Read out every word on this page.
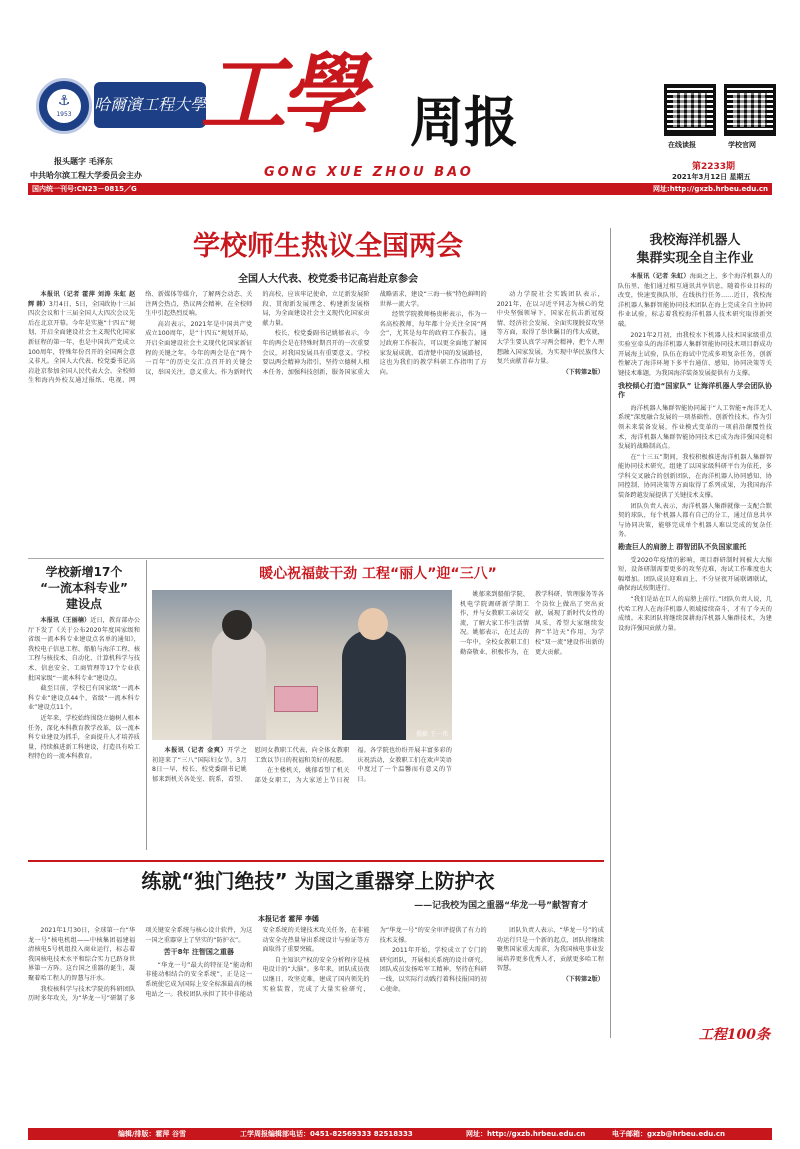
⚓
1953
哈爾濱工程大學
报头题字 毛泽东
中共哈尔滨工程大学委员会主办
工學 周报
GONG XUE ZHOU BAO
在线读报	学校官网
第2233期
2021年3月12日 星期五
国内统一刊号:CN23－0815／G	网址:http://gxzb.hrbeu.edu.cn
学校师生热议全国两会
全国人大代表、校党委书记高岩赴京参会

本报讯（记者 霍萍 刘涛 朱虹 赵辉 韩）3月4日、5日，全国政协十三届四次会议和十三届全国人大四次会议先后在北京开幕。今年是实施“十四五”规划、开启全面建设社会主义现代化国家新征程的第一年，也是中国共产党成立100周年，特殊年份召开的全国两会意义非凡。全国人大代表、校党委书记高岩赴京参加全国人民代表大会。全校师生和海内外校友通过报纸、电视、网络、新媒体等媒介，了解两会动态、关注两会热点，热议两会精神，在全校师生中引起热烈反响。

高岩表示，2021年是中国共产党成立100周年，是“十四五”规划开局，开启全面建设社会主义现代化国家新征程的关键之年。今年的两会是在“两个一百年”的历史交汇点召开的关键会议，举国关注，意义重大。作为新时代的高校，应该牢记使命，立足新发展阶段、贯彻新发展理念、构建新发展格局，为全面建设社会主义现代化国家贡献力量。

校长、校党委副书记姚郁表示，今年的两会是在特殊时期召开的一次重要会议，对我国发展具有重要意义。学校要以两会精神为指引，坚持立德树人根本任务，加强科技创新，服务国家重大战略需求，建设“三海一核”特色鲜明的世界一流大学。

经管学院教师杨贵彬表示，作为一名高校教师，每年都十分关注全国“两会”，尤其是每年的政府工作报告。通过政府工作报告，可以更全面地了解国家发展成就、看清楚中国的发展路径，这也为我们的教学科研工作指明了方向。

动力学院社会实践团队表示，2021年，在以习近平同志为核心的党中央坚强领导下，国家在抗击新冠疫情、经济社会发展、全面实现脱贫攻坚等方面，取得了举世瞩目的伟大成就，大学生要认真学习两会精神，把个人理想融入国家发展，为实现中华民族伟大复兴贡献青春力量。

（下转第2版）

我校海洋机器人
集群实现全自主作业

本报讯（记者 朱虹）海面之上，多个海洋机器人的队伍里，他们通过相互通讯共享信息，随着作业目标的改变，快速变换队形，在线执行任务……近日，我校海洋机器人集群智能协同技术团队在海上完成全自主协同作业试验，标志着我校海洋机器人技术研究取得新突破。

2021年2月初，由我校水下机器人技术国家级重点实验室牵头的海洋机器人集群智能协同技术项目群成功开展海上试验，队伍在海试中完成多项复杂任务，创新性解决了海洋环境下多平台通信、感知、协同决策等关键技术难题，为我国海洋装备发展提供有力支撑。

我校倾心打造“国家队” 让海洋机器人学会团队协作

海洋机器人集群智能协同属于“人工智能+海洋无人系统”深度融合发展的一项基础性、创新性技术。作为引领未来装备发展，作业模式变革的一项前沿颠覆性技术，海洋机器人集群智能协同技术已成为海洋强国竞相发展的战略制高点。

在“十三五”期间，我校积极推进海洋机器人集群智能协同技术研究，组建了以国家级科研平台为依托，多学科交叉融合的创新团队，在海洋机器人协同感知、协同控制、协同决策等方面取得了系列成果，为我国海洋装备跨越发展提供了关键技术支撑。

团队负责人表示，海洋机器人集群就像一支配合默契的球队，每个机器人都有自己的分工，通过信息共享与协同决策，能够完成单个机器人难以完成的复杂任务。

勘查巨人的肩膀上 群智团队不负国家重托

受2020年疫情的影响，项目群研制时间被大大缩短，设备研制需要更多的攻坚克难，海试工作难度也大幅增加。团队成员迎难而上，不分昼夜开展联调联试，确保海试按期进行。

“我们是站在巨人的肩膀上前行。”团队负责人说，几代哈工程人在海洋机器人领域接续奋斗，才有了今天的成绩。未来团队将继续深耕海洋机器人集群技术，为建设海洋强国贡献力量。

工程100条
学校新增17个
“一流本科专业”
建设点

本报讯（王丽楠）近日，教育部办公厅下发了《关于公布2020年度国家级和省级一流本科专业建设点名单的通知》，我校电子信息工程、船舶与海洋工程、核工程与核技术、自动化、计算机科学与技术、信息安全、工商管理等17个专业获批国家级“一流本科专业”建设点。

截至目前，学校已有国家级“一流本科专业”建设点44个，省级“一流本科专业”建设点11个。

近年来，学校始终围绕立德树人根本任务，深化本科教育教学改革，以一流本科专业建设为抓手，全面提升人才培养质量，持续推进新工科建设，打造具有哈工程特色的一流本科教育。

暖心祝福鼓干劲 工程“丽人”迎“三八”
摄影 王一伟

本报讯（记者 金爽）开学之初迎来了“三八”国际妇女节。3月8日一早，校长、校党委副书记姚郁来到机关各处室、院系，看望、慰问女教职工代表，向全体女教职工致以节日的祝福和美好的祝愿。

在主楼机关，姚郁看望了机关部处女职工，为大家送上节日祝福。各学院也纷纷开展丰富多彩的庆祝活动，女教职工们在欢声笑语中度过了一个温馨而有意义的节日。

姚郁来到船舶学院、机电学院调研新学期工作，并与女教职工亲切交流，了解大家工作生活情况。姚郁表示，在过去的一年中，全校女教职工们勤奋敬业、积极作为，在教学科研、管理服务等各个岗位上做出了突出贡献，展现了新时代女性的风采，希望大家继续发挥“半边天”作用，为学校“双一流”建设作出新的更大贡献。

练就“独门绝技” 为国之重器穿上防护衣
——记我校为国之重器“华龙一号”献智育才
本报记者 霍萍 李嫣

2021年1月30日，全球第一台“华龙一号”核电机组——中核集团福建福清核电5号机组投入商业运行，标志着我国核电技术水平和综合实力已跻身世界第一方阵。这台国之重器的诞生，凝聚着哈工程人的智慧与汗水。

我校核科学与技术学院的科研团队历时多年攻关，为“华龙一号”研制了多项关键安全系统与核心设计软件，为这一国之重器穿上了坚实的“防护衣”。

苦干8年 注智国之重器

“华龙一号”最大的特征是“能动和非能动相结合的安全系统”，正是这一系统使它成为国际上安全标准最高的核电站之一。我校团队承担了其中非能动安全系统的关键技术攻关任务，在非能动安全壳热量导出系统设计与验证等方面取得了重要突破。

自主知识产权的安全分析程序是核电设计的“大脑”。多年来，团队成员夜以继日、攻坚克难，建成了国内领先的实验装置，完成了大量实验研究，为“华龙一号”的安全审评提供了有力的技术支撑。

2011年开始，学校成立了专门的研究团队，开展相关系统的设计研究。团队成员发扬哈军工精神，坚持在科研一线，以实际行动践行着科技报国的初心使命。

团队负责人表示，“华龙一号”的成功运行只是一个新的起点，团队将继续聚焦国家重大需求，为我国核电事业发展培养更多优秀人才，贡献更多哈工程智慧。

（下转第2版）

编辑/排版：霍萍 谷雪	工学周报编辑部电话：0451-82569333 82518333	网址：http://gxzb.hrbeu.edu.cn	电子邮箱：gxzb@hrbeu.edu.cn
